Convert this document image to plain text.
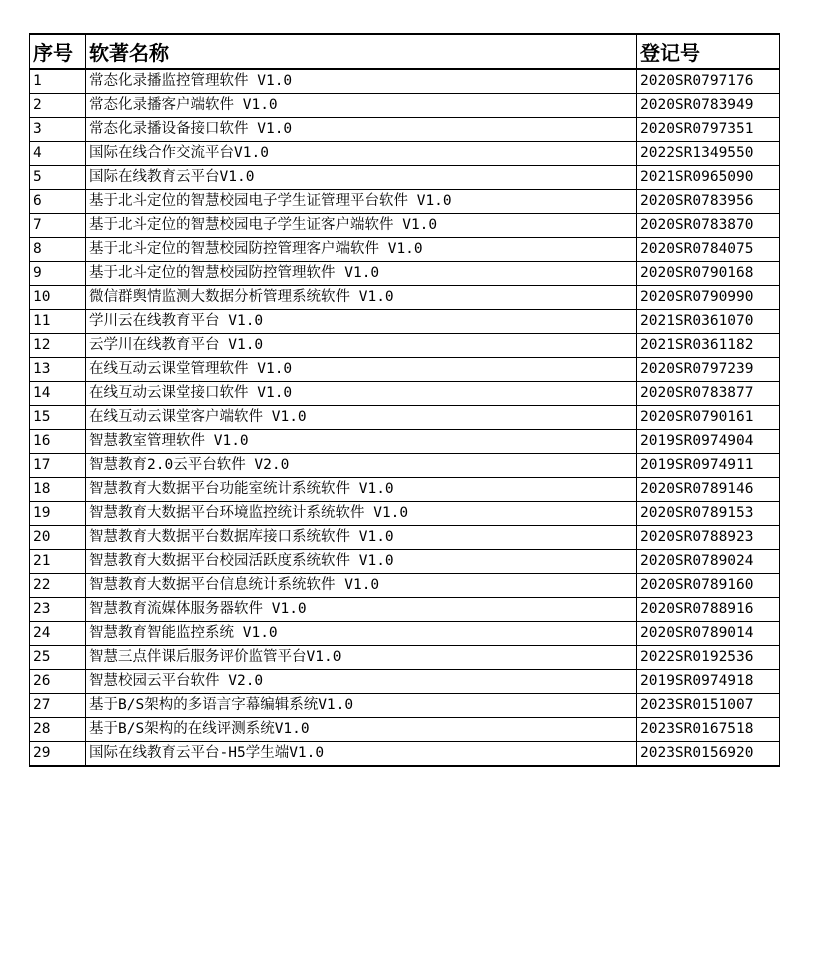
序号	软著名称	登记号
1	常态化录播监控管理软件 V1.0	2020SR0797176
2	常态化录播客户端软件 V1.0	2020SR0783949
3	常态化录播设备接口软件 V1.0	2020SR0797351
4	国际在线合作交流平台V1.0	2022SR1349550
5	国际在线教育云平台V1.0	2021SR0965090
6	基于北斗定位的智慧校园电子学生证管理平台软件 V1.0	2020SR0783956
7	基于北斗定位的智慧校园电子学生证客户端软件 V1.0	2020SR0783870
8	基于北斗定位的智慧校园防控管理客户端软件 V1.0	2020SR0784075
9	基于北斗定位的智慧校园防控管理软件 V1.0	2020SR0790168
10	微信群舆情监测大数据分析管理系统软件 V1.0	2020SR0790990
11	学川云在线教育平台 V1.0	2021SR0361070
12	云学川在线教育平台 V1.0	2021SR0361182
13	在线互动云课堂管理软件 V1.0	2020SR0797239
14	在线互动云课堂接口软件 V1.0	2020SR0783877
15	在线互动云课堂客户端软件 V1.0	2020SR0790161
16	智慧教室管理软件 V1.0	2019SR0974904
17	智慧教育2.0云平台软件 V2.0	2019SR0974911
18	智慧教育大数据平台功能室统计系统软件 V1.0	2020SR0789146
19	智慧教育大数据平台环境监控统计系统软件 V1.0	2020SR0789153
20	智慧教育大数据平台数据库接口系统软件 V1.0	2020SR0788923
21	智慧教育大数据平台校园活跃度系统软件 V1.0	2020SR0789024
22	智慧教育大数据平台信息统计系统软件 V1.0	2020SR0789160
23	智慧教育流媒体服务器软件 V1.0	2020SR0788916
24	智慧教育智能监控系统 V1.0	2020SR0789014
25	智慧三点伴课后服务评价监管平台V1.0	2022SR0192536
26	智慧校园云平台软件 V2.0	2019SR0974918
27	基于B/S架构的多语言字幕编辑系统V1.0	2023SR0151007
28	基于B/S架构的在线评测系统V1.0	2023SR0167518
29	国际在线教育云平台-H5学生端V1.0	2023SR0156920
